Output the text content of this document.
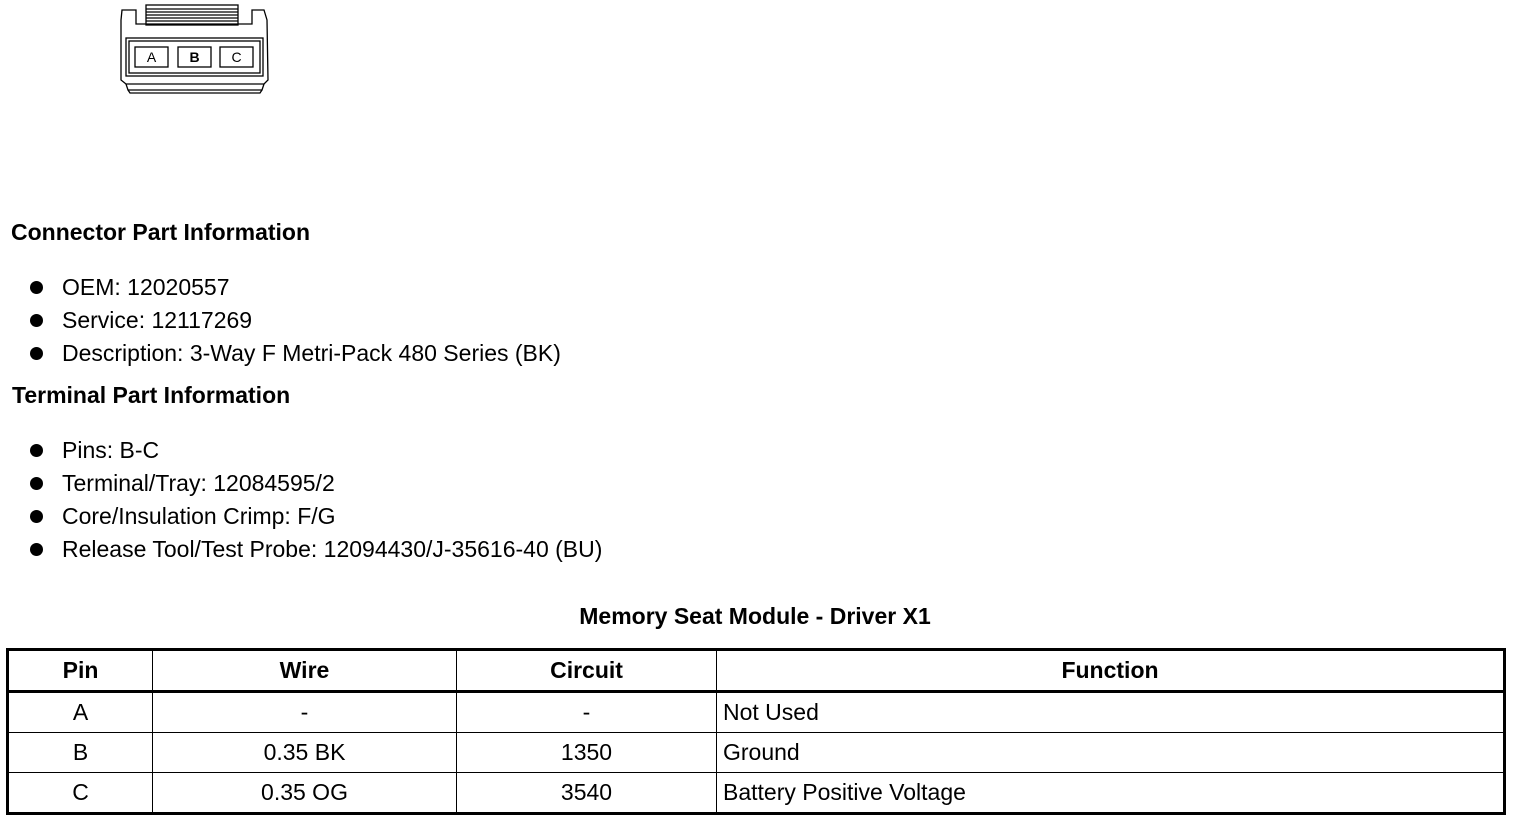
A B C
Connector Part Information
OEM: 12020557
Service: 12117269
Description: 3-Way F Metri-Pack 480 Series (BK)
Terminal Part Information
Pins: B-C
Terminal/Tray: 12084595/2
Core/Insulation Crimp: F/G
Release Tool/Test Probe: 12094430/J-35616-40 (BU)
Memory Seat Module - Driver X1
Pin	Wire	Circuit	Function
A	-	-	Not Used
B	0.35 BK	1350	Ground
C	0.35 OG	3540	Battery Positive Voltage
